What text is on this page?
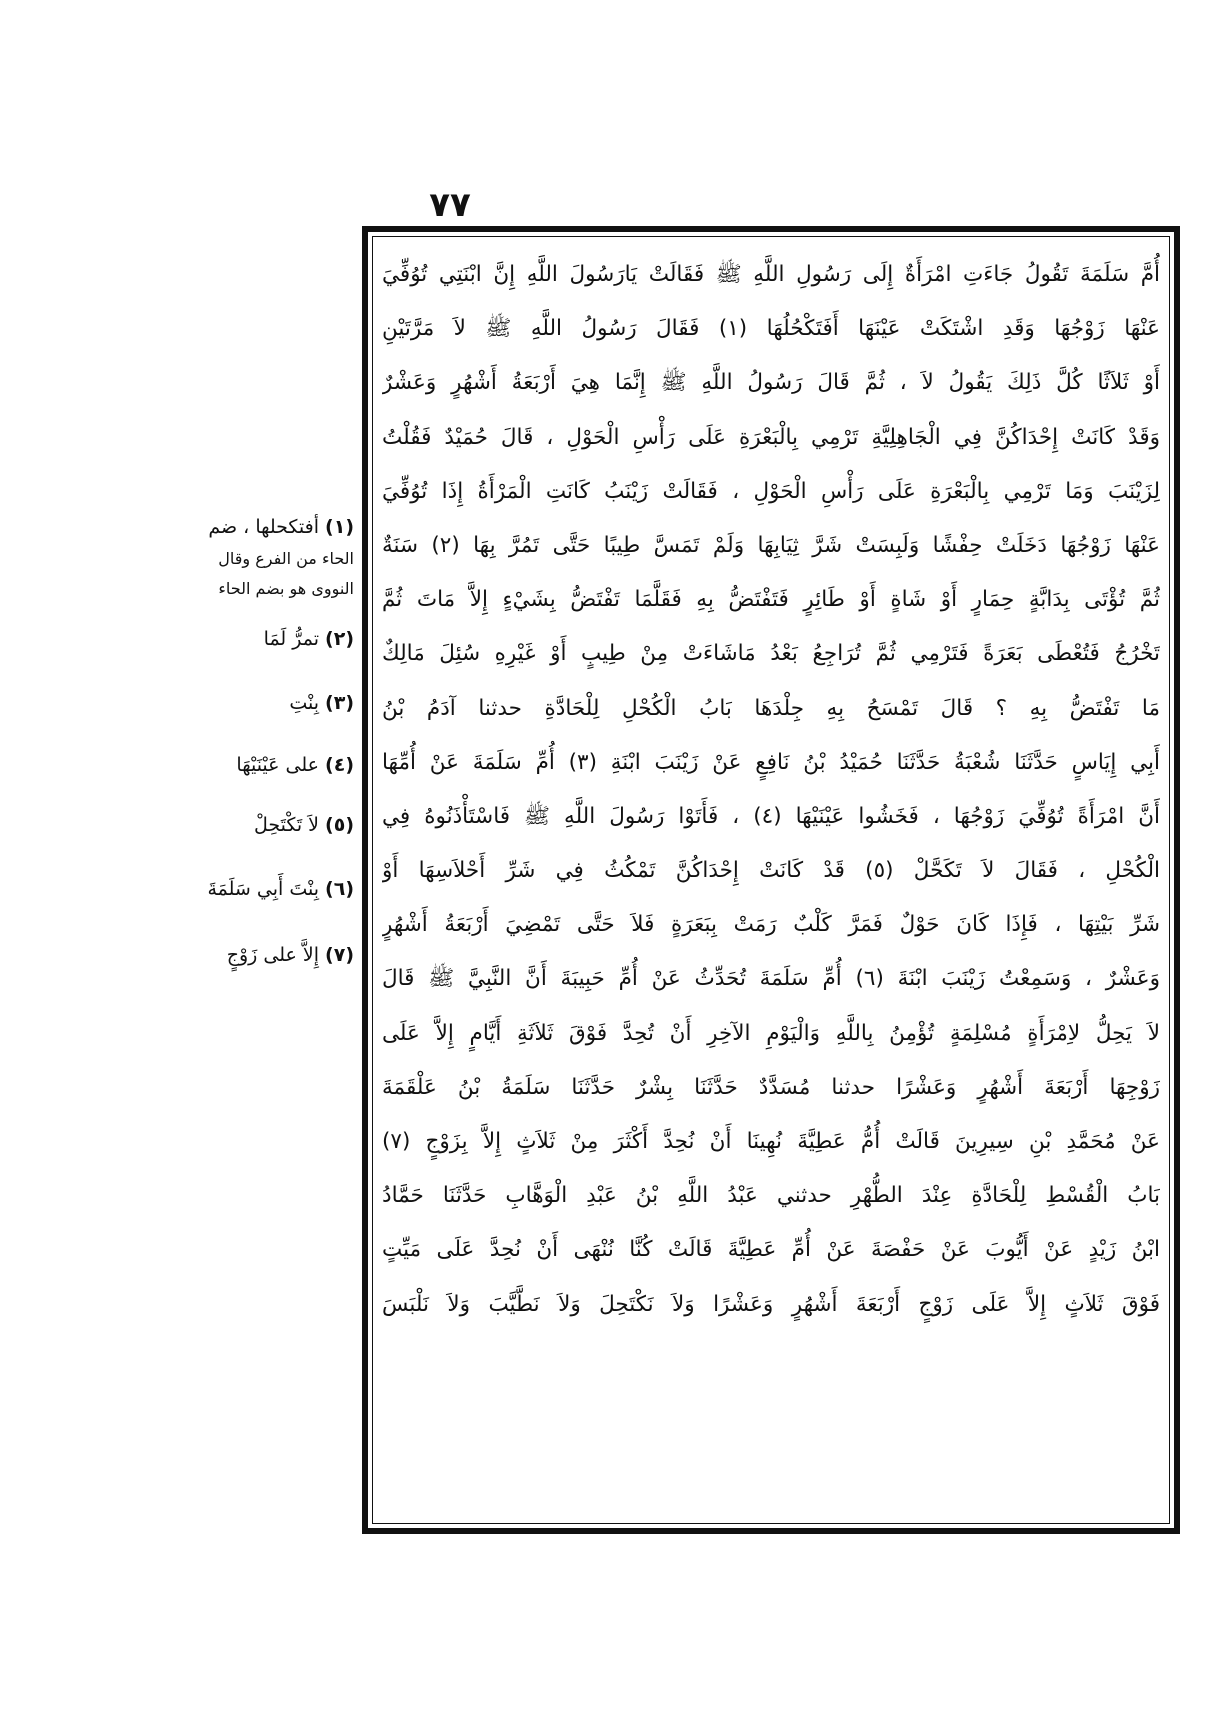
٧٧
أُمَّ سَلَمَةَ تَقُولُ جَاءَتِ امْرَأَةٌ إِلَى رَسُولِ اللَّهِ ﷺ فَقَالَتْ يَارَسُولَ اللَّهِ إِنَّ ابْنَتِي تُوُفِّيَ
عَنْهَا زَوْجُهَا وَقَدِ اشْتَكَتْ عَيْنَهَا أَفَتَكْحُلُهَا (١) فَقَالَ رَسُولُ اللَّهِ ﷺ لاَ مَرَّتَيْنِ
أَوْ ثَلاَثًا كُلَّ ذَلِكَ يَقُولُ لاَ ، ثُمَّ قَالَ رَسُولُ اللَّهِ ﷺ إِنَّمَا هِيَ أَرْبَعَةُ أَشْهُرٍ وَعَشْرٌ
وَقَدْ كَانَتْ إِحْدَاكُنَّ فِي الْجَاهِلِيَّةِ تَرْمِي بِالْبَعْرَةِ عَلَى رَأْسِ الْحَوْلِ ، قَالَ حُمَيْدٌ فَقُلْتُ
لِزَيْنَبَ وَمَا تَرْمِي بِالْبَعْرَةِ عَلَى رَأْسِ الْحَوْلِ ، فَقَالَتْ زَيْنَبُ كَانَتِ الْمَرْأَةُ إِذَا تُوُفِّيَ
عَنْهَا زَوْجُهَا دَخَلَتْ حِفْشًا وَلَبِسَتْ شَرَّ ثِيَابِهَا وَلَمْ تَمَسَّ طِيبًا حَتَّى تَمُرَّ بِهَا (٢) سَنَةٌ
ثُمَّ تُؤْتَى بِدَابَّةٍ حِمَارٍ أَوْ شَاةٍ أَوْ طَائِرٍ فَتَفْتَضُّ بِهِ فَقَلَّمَا تَفْتَضُّ بِشَيْءٍ إِلاَّ مَاتَ ثُمَّ
تَخْرُجُ فَتُعْطَى بَعَرَةً فَتَرْمِي ثُمَّ تُرَاجِعُ بَعْدُ مَاشَاءَتْ مِنْ طِيبٍ أَوْ غَيْرِهِ سُئِلَ مَالِكٌ
مَا تَفْتَضُّ بِهِ ؟ قَالَ تَمْسَحُ بِهِ جِلْدَهَا بَابُ الْكُحْلِ لِلْحَادَّةِ حدثنا آدَمُ بْنُ
أَبِي إِيَاسٍ حَدَّثَنَا شُعْبَةُ حَدَّثَنَا حُمَيْدُ بْنُ نَافِعٍ عَنْ زَيْنَبَ ابْنَةِ (٣) أُمِّ سَلَمَةَ عَنْ أُمِّهَا
أَنَّ امْرَأَةً تُوُفِّيَ زَوْجُهَا ، فَخَشُوا عَيْنَيْهَا (٤) ، فَأَتَوْا رَسُولَ اللَّهِ ﷺ فَاسْتَأْذَنُوهُ فِي
الْكُحْلِ ، فَقَالَ لاَ تَكَحَّلْ (٥) قَدْ كَانَتْ إِحْدَاكُنَّ تَمْكُثُ فِي شَرِّ أَحْلاَسِهَا أَوْ
شَرِّ بَيْتِهَا ، فَإِذَا كَانَ حَوْلٌ فَمَرَّ كَلْبٌ رَمَتْ بِبَعَرَةٍ فَلاَ حَتَّى تَمْضِيَ أَرْبَعَةُ أَشْهُرٍ
وَعَشْرٌ ، وَسَمِعْتُ زَيْنَبَ ابْنَةَ (٦) أُمِّ سَلَمَةَ تُحَدِّثُ عَنْ أُمِّ حَبِيبَةَ أَنَّ النَّبِيَّ ﷺ قَالَ
لاَ يَحِلُّ لاِمْرَأَةٍ مُسْلِمَةٍ تُؤْمِنُ بِاللَّهِ وَالْيَوْمِ الآخِرِ أَنْ تُحِدَّ فَوْقَ ثَلاَثَةِ أَيَّامٍ إِلاَّ عَلَى
زَوْجِهَا أَرْبَعَةَ أَشْهُرٍ وَعَشْرًا حدثنا مُسَدَّدٌ حَدَّثَنَا بِشْرٌ حَدَّثَنَا سَلَمَةُ بْنُ عَلْقَمَةَ
عَنْ مُحَمَّدِ بْنِ سِيرِينَ قَالَتْ أُمُّ عَطِيَّةَ نُهِينَا أَنْ نُحِدَّ أَكْثَرَ مِنْ ثَلاَثٍ إِلاَّ بِزَوْجٍ (٧)
بَابُ الْقُسْطِ لِلْحَادَّةِ عِنْدَ الطُّهْرِ حدثني عَبْدُ اللَّهِ بْنُ عَبْدِ الْوَهَّابِ حَدَّثَنَا حَمَّادُ
ابْنُ زَيْدٍ عَنْ أَيُّوبَ عَنْ حَفْصَةَ عَنْ أُمِّ عَطِيَّةَ قَالَتْ كُنَّا نُنْهَى أَنْ نُحِدَّ عَلَى مَيِّتٍ
فَوْقَ ثَلاَثٍ إِلاَّ عَلَى زَوْجٍ أَرْبَعَةَ أَشْهُرٍ وَعَشْرًا وَلاَ نَكْتَحِلَ وَلاَ نَطَّيَّبَ وَلاَ نَلْبَسَ
(١)أفتكحلها ، ضم
الحاء من الفرع وقال
النووى هو بضم الحاء
(٢)تمرُّ لَمَا
(٣)بِنْتِ
(٤)على عَيْنَيْهَا
(٥)لاَ تَكْتَحِلْ
(٦)بِنْتَ أَبِي سَلَمَةَ
(٧)إِلاَّ على زَوْجٍ
